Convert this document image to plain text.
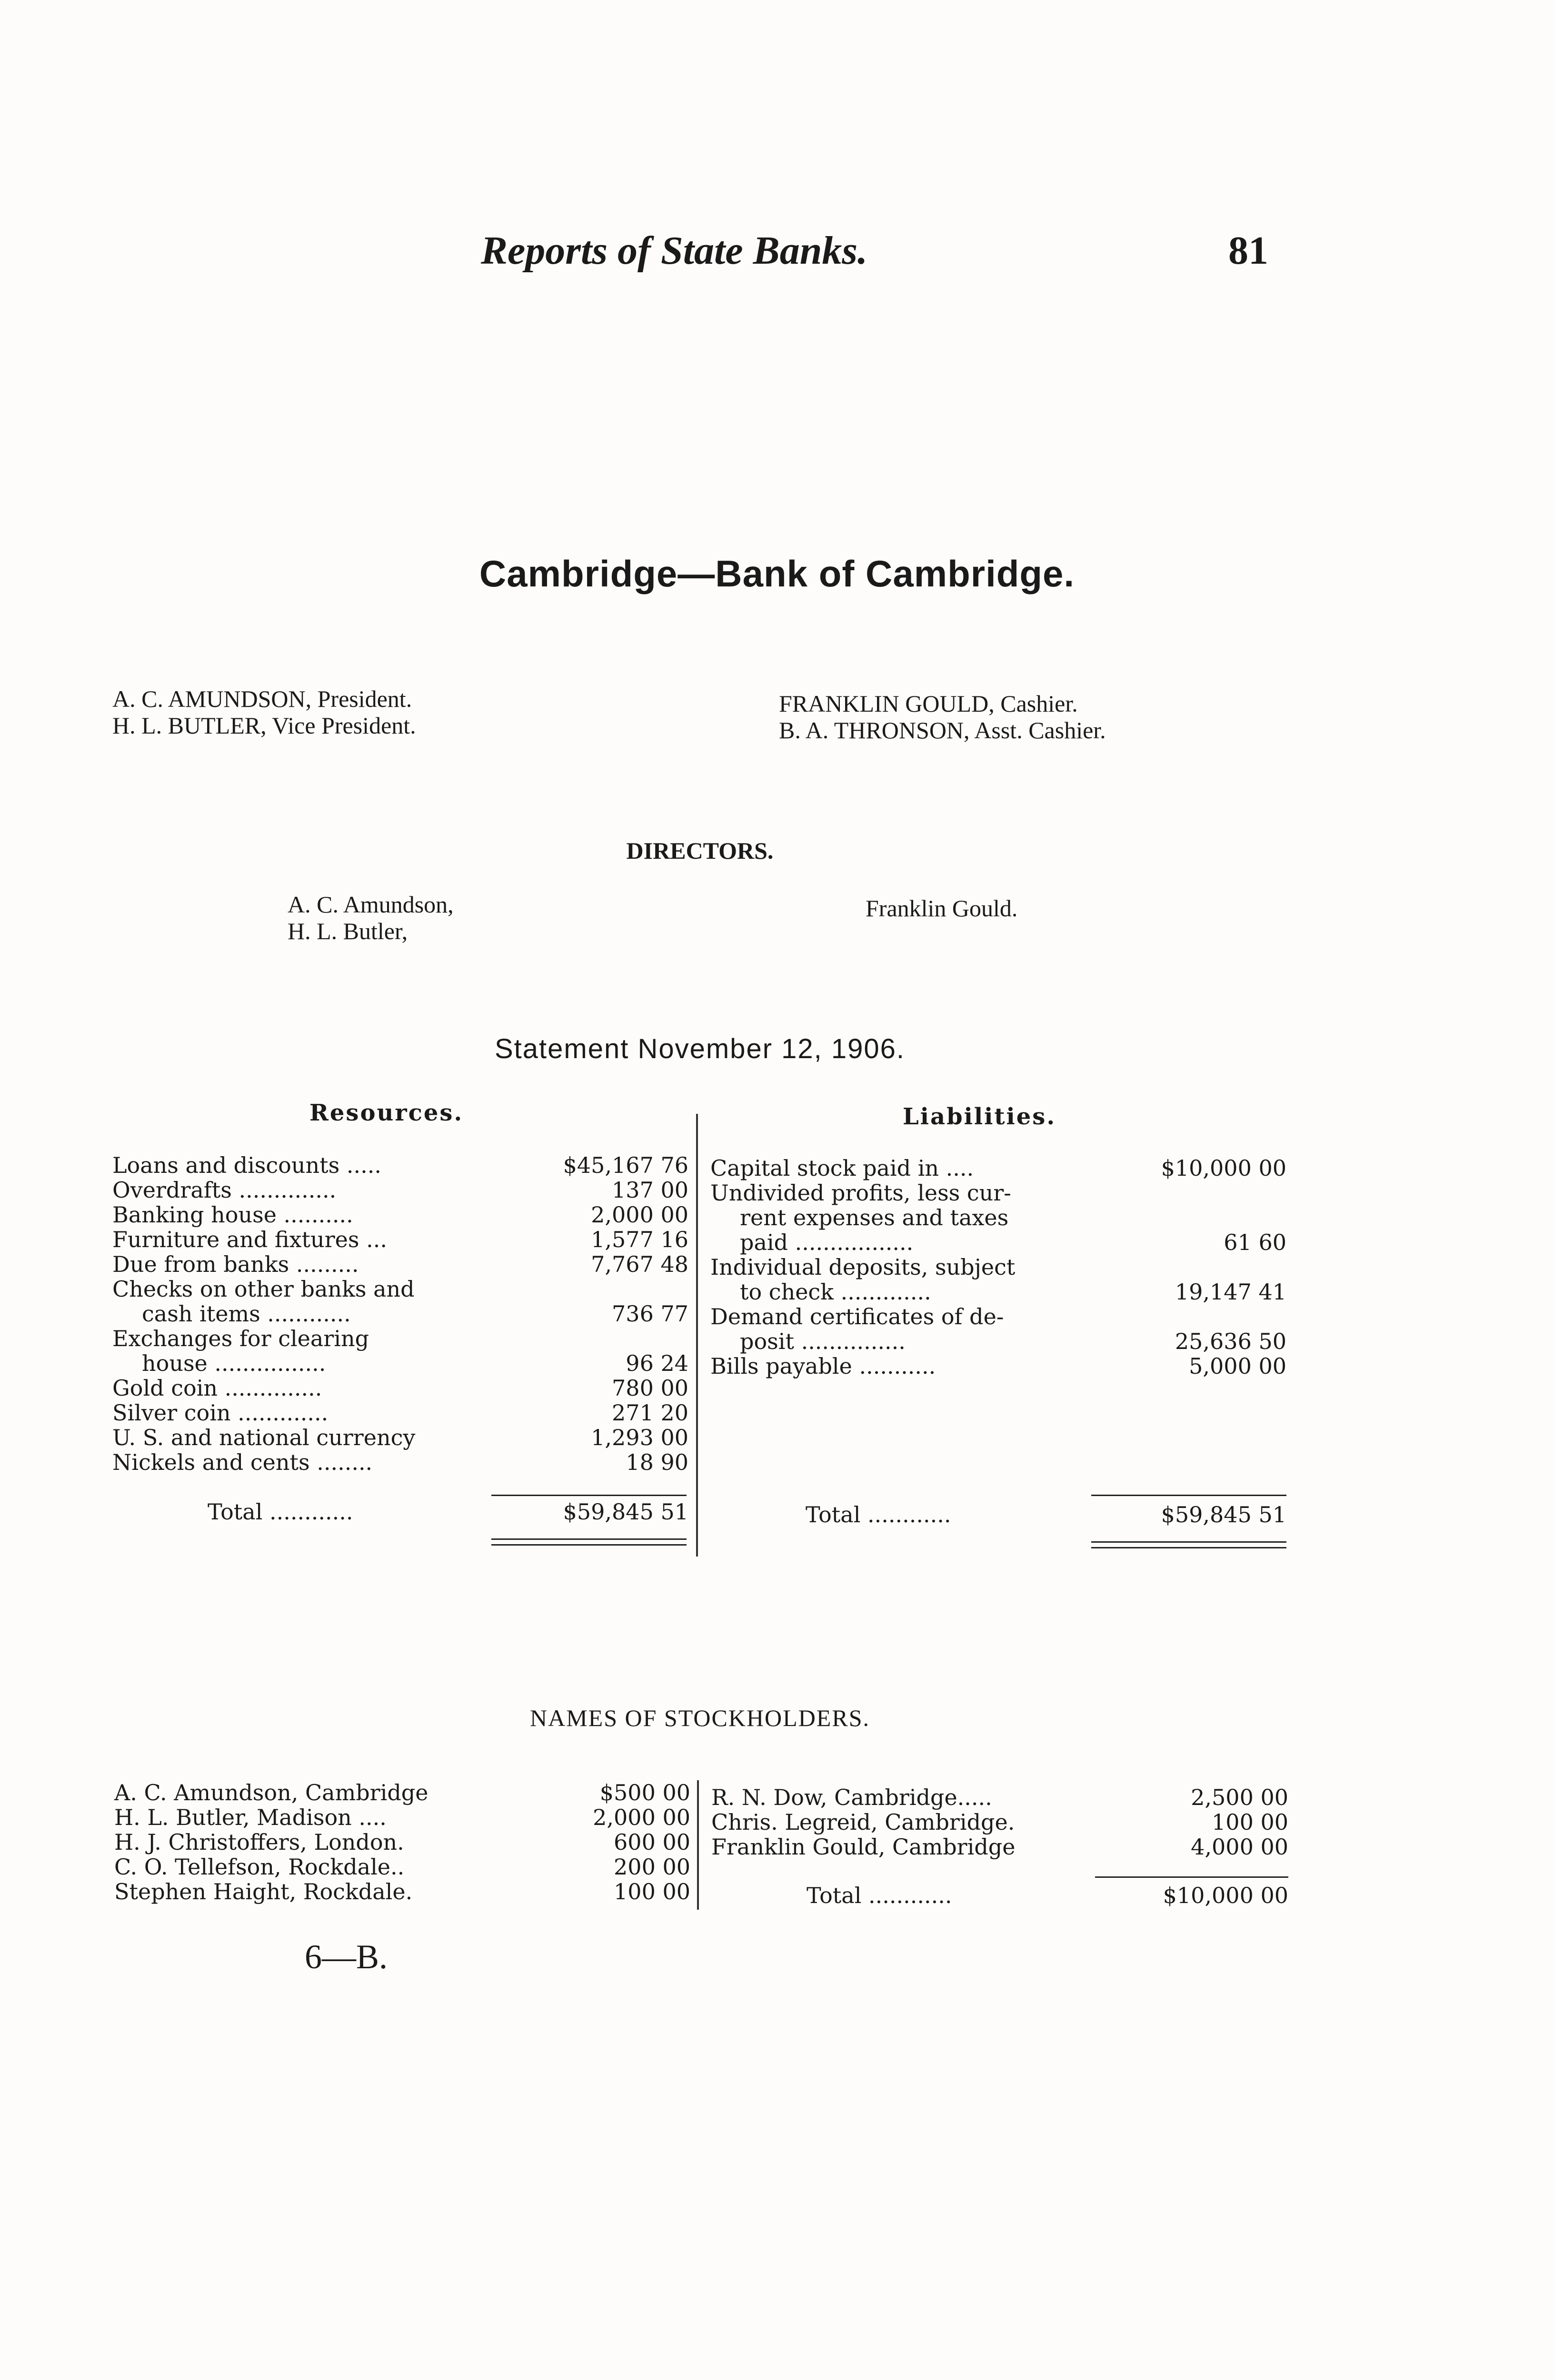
Reports of State Banks.	81
Cambridge—Bank of Cambridge.
A. C. AMUNDSON, President.
H. L. BUTLER, Vice President.
FRANKLIN GOULD, Cashier.
B. A. THRONSON, Asst. Cashier.
DIRECTORS.
A. C. Amundson,
H. L. Butler,
Franklin Gould.
Statement November 12, 1906.
Resources.
Loans and discounts .....	$45,167 76
Overdrafts ..............	137 00
Banking house ..........	2,000 00
Furniture and fixtures ...	1,577 16
Due from banks .........	7,767 48
Checks on other banks and
cash items ............	736 77
Exchanges for clearing
house ................	96 24
Gold coin ..............	780 00
Silver coin .............	271 20
U. S. and national currency	1,293 00
Nickels and cents ........	18 90
Total ............	$59,845 51
Liabilities.
Capital stock paid in ....	$10,000 00
Undivided profits, less cur-
rent expenses and taxes
paid .................	61 60
Individual deposits, subject
to check .............	19,147 41
Demand certificates of de-
posit ...............	25,636 50
Bills payable ...........	5,000 00
Total ............	$59,845 51
NAMES OF STOCKHOLDERS.
A. C. Amundson, Cambridge	$500 00
H. L. Butler, Madison ....	2,000 00
H. J. Christoffers, London.	600 00
C. O. Tellefson, Rockdale..	200 00
Stephen Haight, Rockdale.	100 00
R. N. Dow, Cambridge.....	2,500 00
Chris. Legreid, Cambridge.	100 00
Franklin Gould, Cambridge	4,000 00
Total ............	$10,000 00
6—B.
